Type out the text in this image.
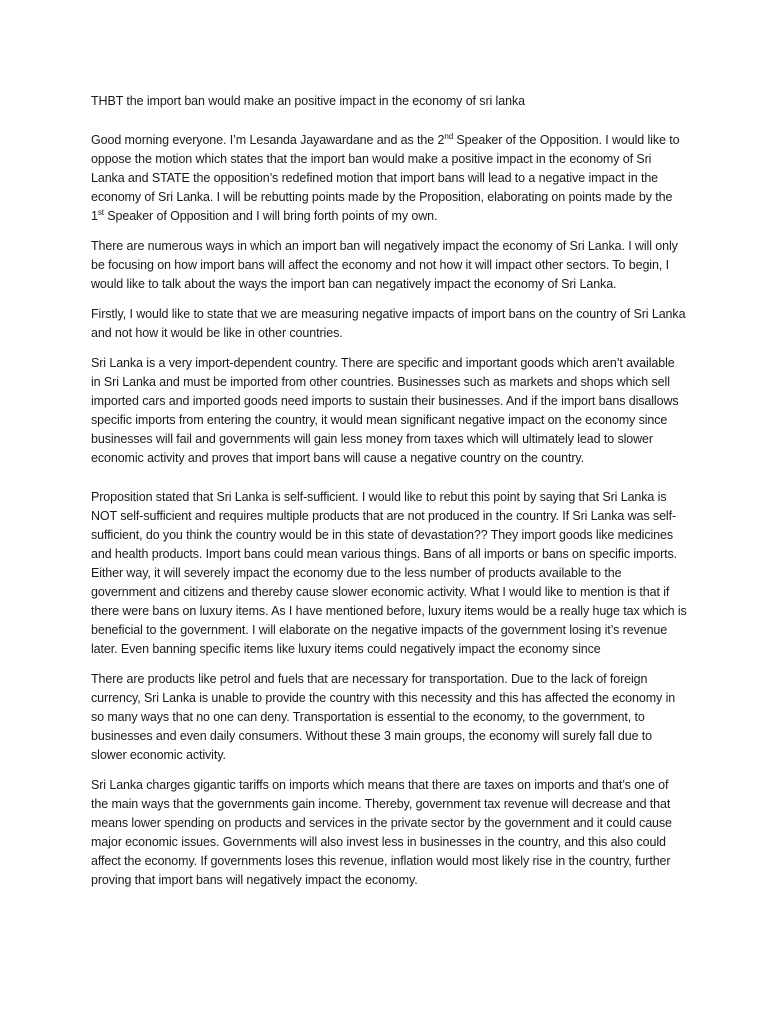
THBT the import ban would make an positive impact in the economy of sri lanka

Good morning everyone. I’m Lesanda Jayawardane and as the 2nd Speaker of the Opposition. I would like to oppose the motion which states that the import ban would make a positive impact in the economy of Sri Lanka and STATE the opposition’s redefined motion that import bans will lead to a negative impact in the economy of Sri Lanka. I will be rebutting points made by the Proposition, elaborating on points made by the 1st Speaker of Opposition and I will bring forth points of my own.

There are numerous ways in which an import ban will negatively impact the economy of Sri Lanka. I will only be focusing on how import bans will affect the economy and not how it will impact other sectors. To begin, I would like to talk about the ways the import ban can negatively impact the economy of Sri Lanka.

Firstly, I would like to state that we are measuring negative impacts of import bans on the country of Sri Lanka and not how it would be like in other countries.

Sri Lanka is a very import-dependent country. There are specific and important goods which aren’t available in Sri Lanka and must be imported from other countries. Businesses such as markets and shops which sell imported cars and imported goods need imports to sustain their businesses. And if the import bans disallows specific imports from entering the country, it would mean significant negative impact on the economy since businesses will fail and governments will gain less money from taxes which will ultimately lead to slower economic activity and proves that import bans will cause a negative country on the country.

Proposition stated that Sri Lanka is self-sufficient. I would like to rebut this point by saying that Sri Lanka is NOT self-sufficient and requires multiple products that are not produced in the country. If Sri Lanka was self-sufficient, do you think the country would be in this state of devastation?? They import goods like medicines and health products. Import bans could mean various things. Bans of all imports or bans on specific imports. Either way, it will severely impact the economy due to the less number of products available to the government and citizens and thereby cause slower economic activity. What I would like to mention is that if there were bans on luxury items. As I have mentioned before, luxury items would be a really huge tax which is beneficial to the government. I will elaborate on the negative impacts of the government losing it’s revenue later. Even banning specific items like luxury items could negatively impact the economy since

There are products like petrol and fuels that are necessary for transportation. Due to the lack of foreign currency, Sri Lanka is unable to provide the country with this necessity and this has affected the economy in so many ways that no one can deny. Transportation is essential to the economy, to the government, to businesses and even daily consumers. Without these 3 main groups, the economy will surely fall due to slower economic activity.

Sri Lanka charges gigantic tariffs on imports which means that there are taxes on imports and that’s one of the main ways that the governments gain income. Thereby, government tax revenue will decrease and that means lower spending on products and services in the private sector by the government and it could cause major economic issues. Governments will also invest less in businesses in the country, and this also could affect the economy. If governments loses this revenue, inflation would most likely rise in the country, further proving that import bans will negatively impact the economy.
